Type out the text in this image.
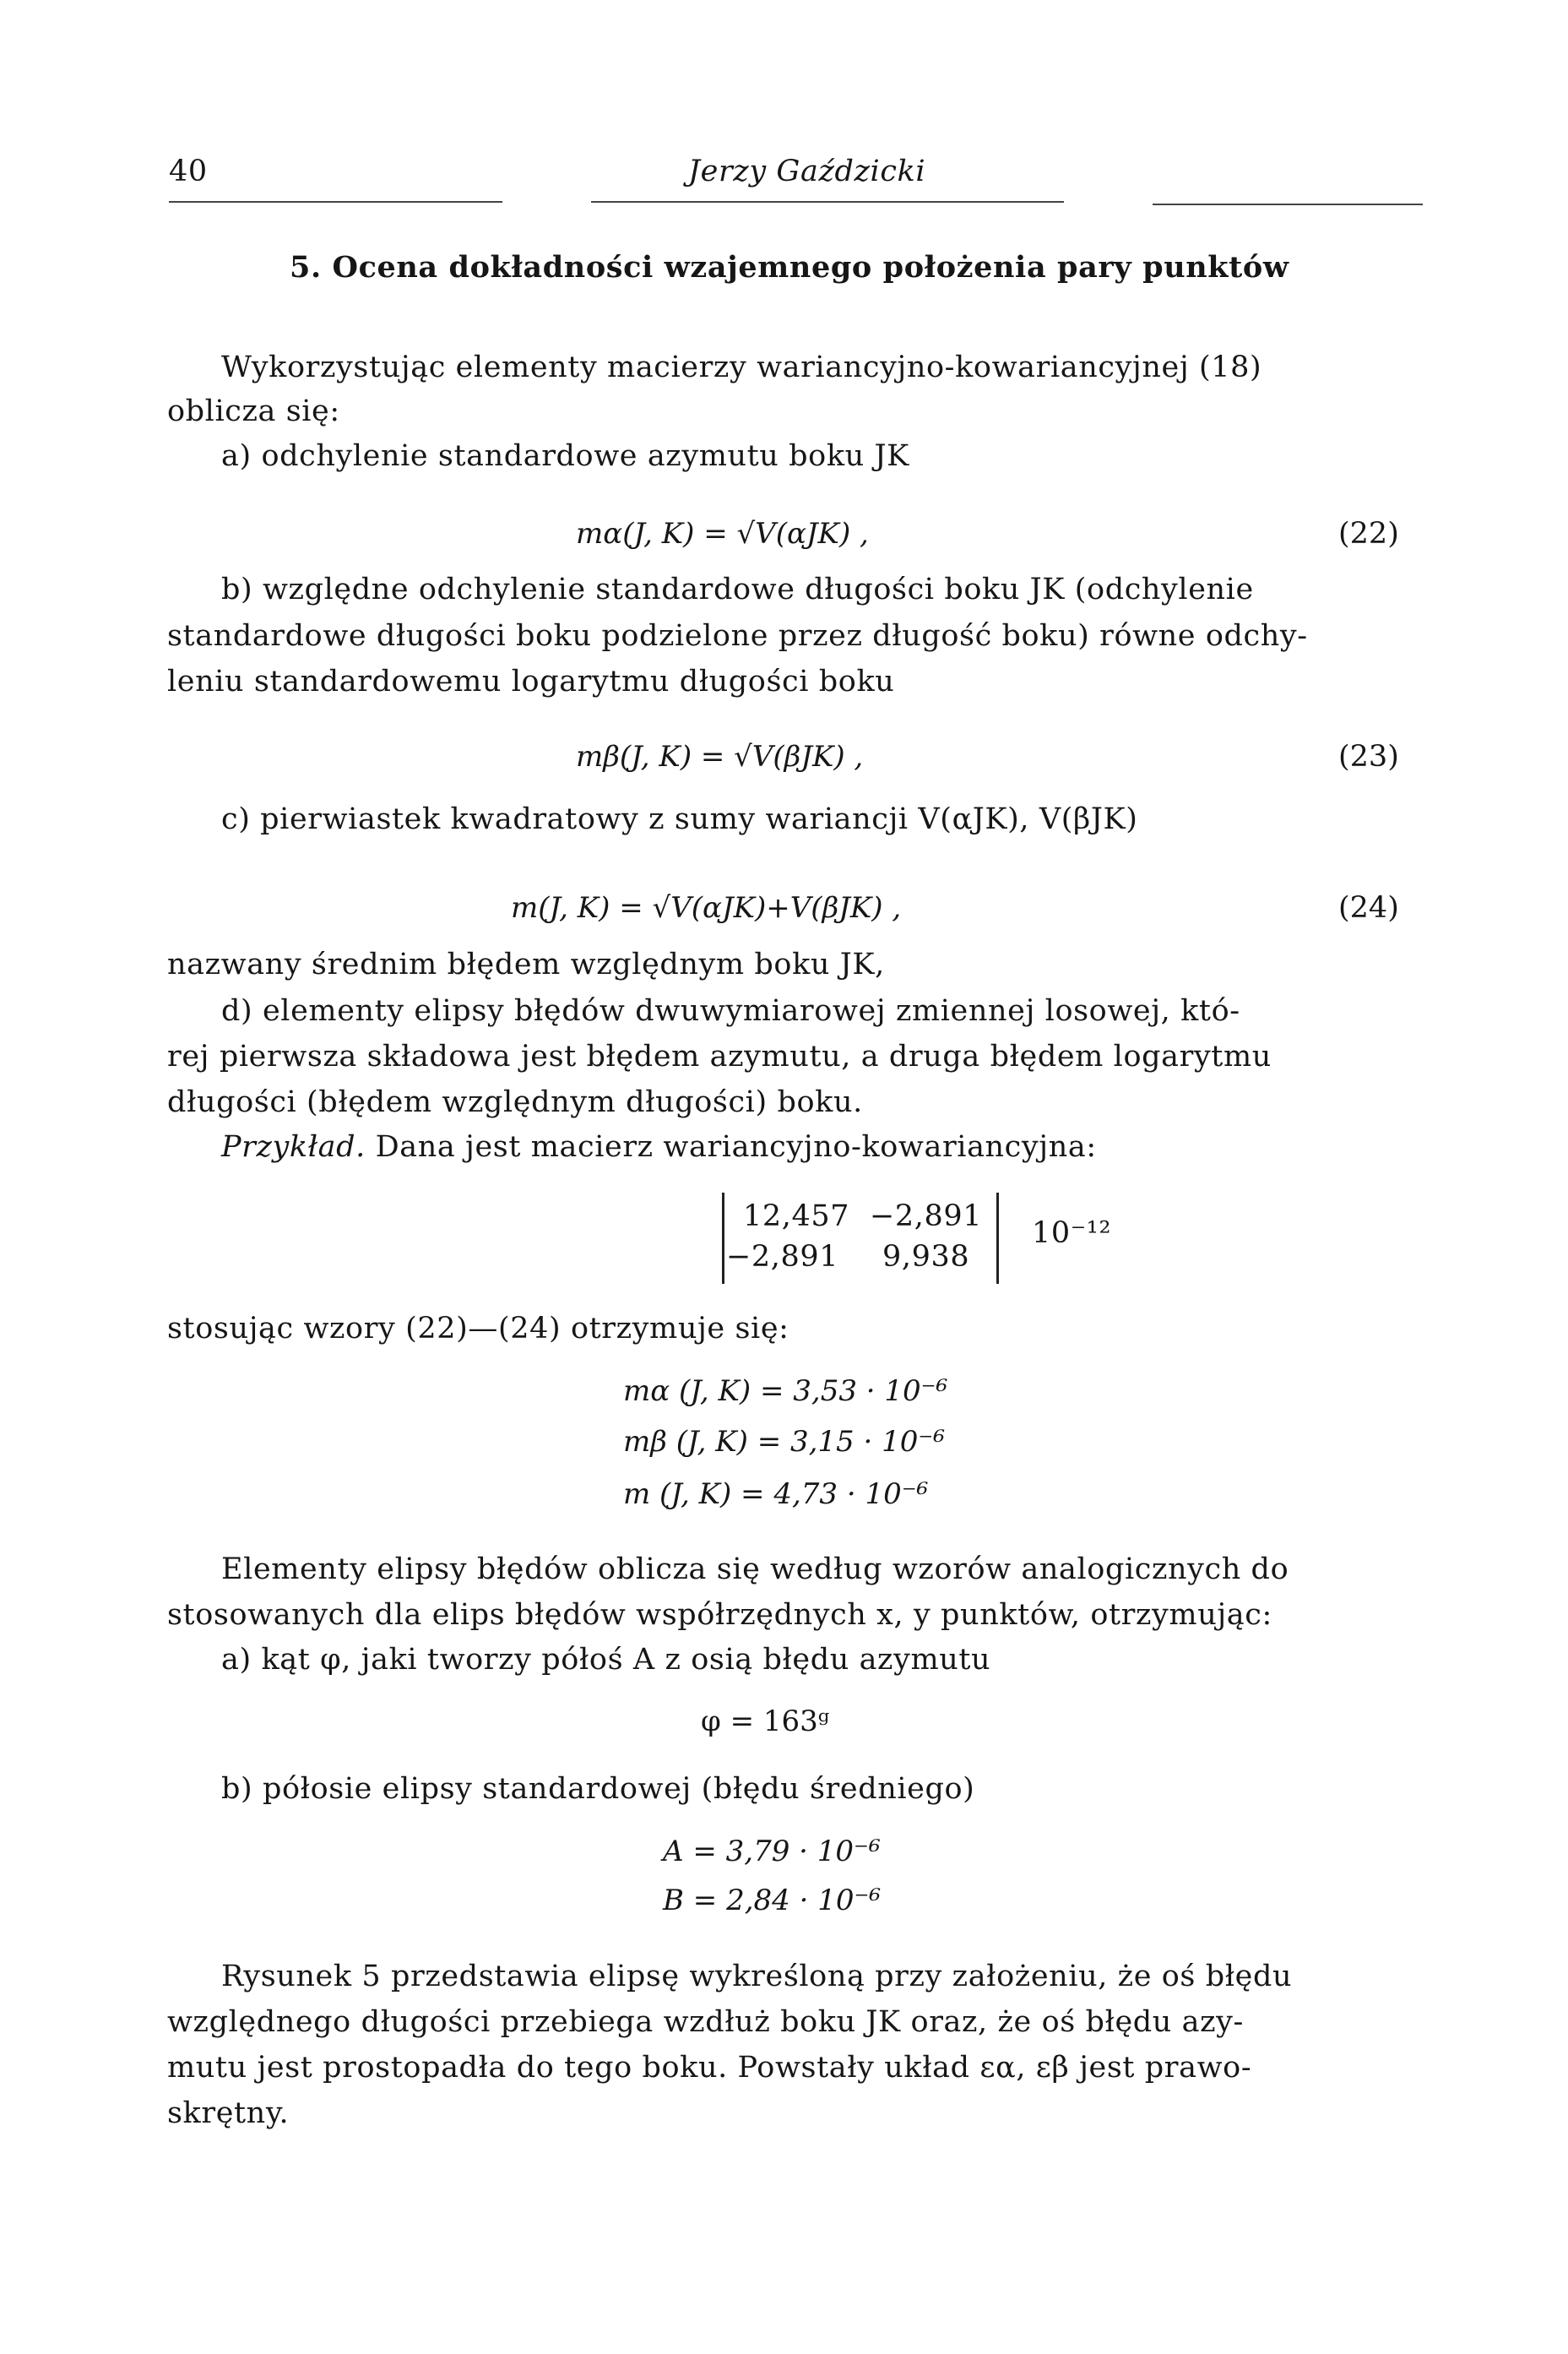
40	Jerzy Gaździcki
5. Ocena dokładności wzajemnego położenia pary punktów
Wykorzystując elementy macierzy wariancyjno-kowariancyjnej (18)
oblicza się:
a) odchylenie standardowe azymutu boku JK
mα(J, K) = √V(αJK) ,	(22)
b) względne odchylenie standardowe długości boku JK (odchylenie
standardowe długości boku podzielone przez długość boku) równe odchy-
leniu standardowemu logarytmu długości boku
mβ(J, K) = √V(βJK) ,	(23)
c) pierwiastek kwadratowy z sumy wariancji V(αJK), V(βJK)
m(J, K) = √V(αJK)+V(βJK) ,	(24)
nazwany średnim błędem względnym boku JK,
d) elementy elipsy błędów dwuwymiarowej zmiennej losowej, któ-
rej pierwsza składowa jest błędem azymutu, a druga błędem logarytmu
długości (błędem względnym długości) boku.
Przykład. Dana jest macierz wariancyjno-kowariancyjna:
12,457 −2,891
−2,891 9,938
10⁻¹²
stosując wzory (22)—(24) otrzymuje się:
mα (J, K) = 3,53 · 10⁻⁶
mβ (J, K) = 3,15 · 10⁻⁶
m (J, K) = 4,73 · 10⁻⁶
Elementy elipsy błędów oblicza się według wzorów analogicznych do
stosowanych dla elips błędów współrzędnych x, y punktów, otrzymując:
a) kąt φ, jaki tworzy półoś A z osią błędu azymutu
φ = 163ᵍ
b) półosie elipsy standardowej (błędu średniego)
A = 3,79 · 10⁻⁶
B = 2,84 · 10⁻⁶
Rysunek 5 przedstawia elipsę wykreśloną przy założeniu, że oś błędu
względnego długości przebiega wzdłuż boku JK oraz, że oś błędu azy-
mutu jest prostopadła do tego boku. Powstały układ εα, εβ jest prawo-
skrętny.
